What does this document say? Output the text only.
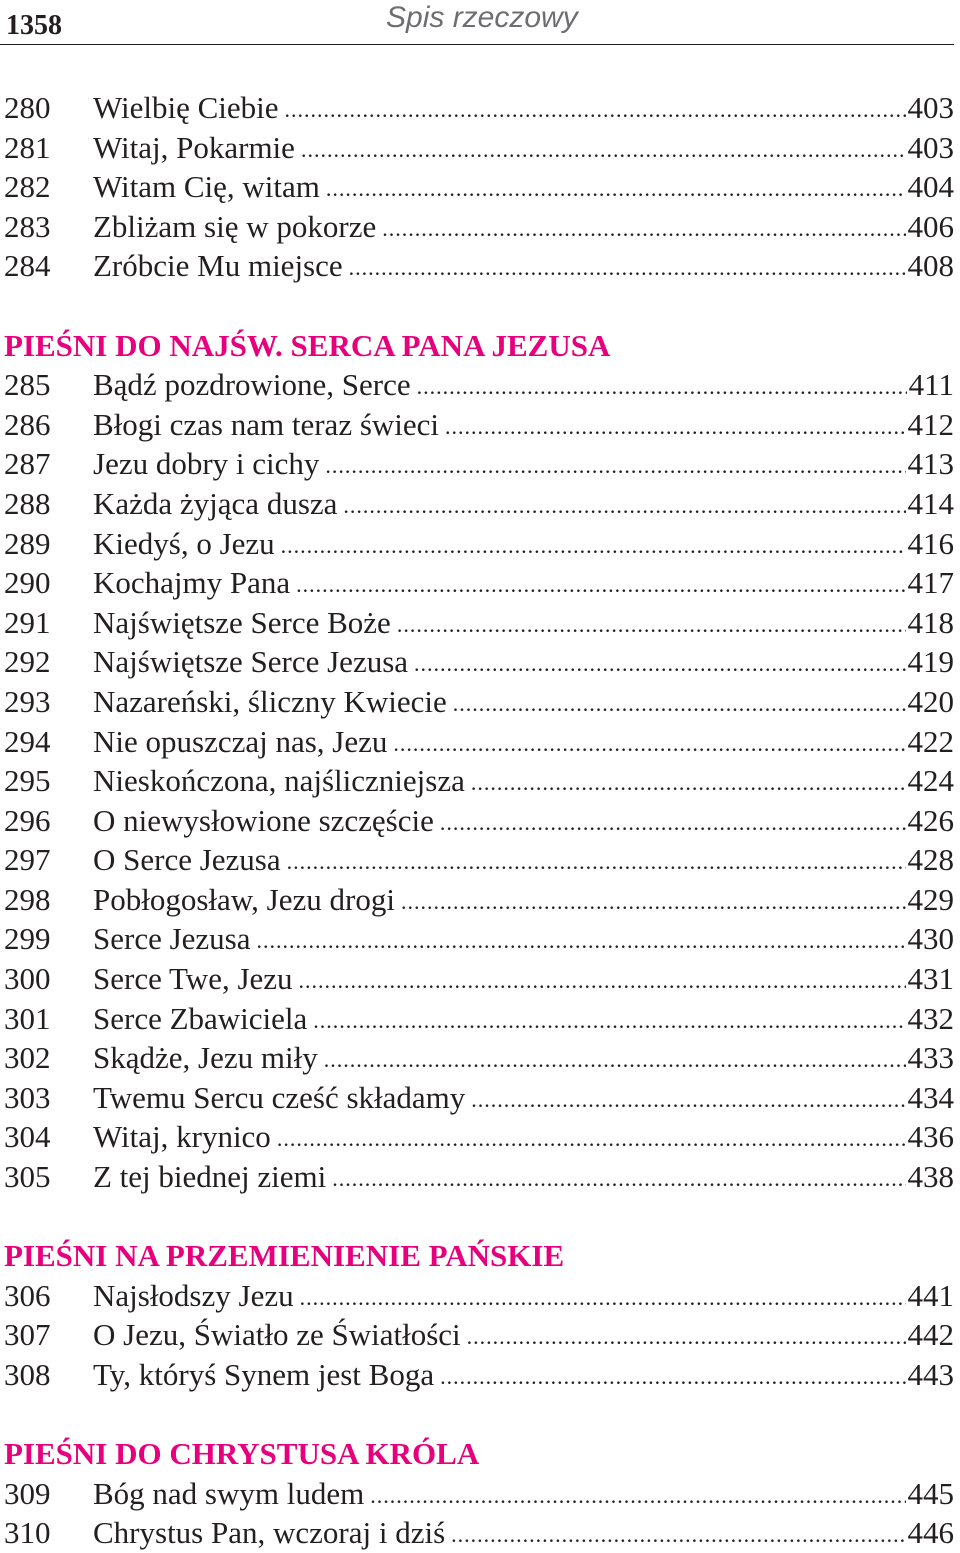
1358	Spis rzeczowy
280 Wielbię Ciebie .....	403
281 Witaj, Pokarmie .....	403
282 Witam Cię, witam .....	404
283 Zbliżam się w pokorze .....	406
284 Zróbcie Mu miejsce .....	408
PIEŚNI DO NAJŚW. SERCA PANA JEZUSA
285 Bądź pozdrowione, Serce .....	411
286 Błogi czas nam teraz świeci .....	412
287 Jezu dobry i cichy .....	413
288 Każda żyjąca dusza .....	414
289 Kiedyś, o Jezu .....	416
290 Kochajmy Pana .....	417
291 Najświętsze Serce Boże .....	418
292 Najświętsze Serce Jezusa .....	419
293 Nazareński, śliczny Kwiecie .....	420
294 Nie opuszczaj nas, Jezu .....	422
295 Nieskończona, najśliczniejsza .....	424
296 O niewysłowione szczęście .....	426
297 O Serce Jezusa .....	428
298 Pobłogosław, Jezu drogi .....	429
299 Serce Jezusa .....	430
300 Serce Twe, Jezu .....	431
301 Serce Zbawiciela .....	432
302 Skądże, Jezu miły .....	433
303 Twemu Sercu cześć składamy .....	434
304 Witaj, krynico .....	436
305 Z tej biednej ziemi .....	438
PIEŚNI NA PRZEMIENIENIE PAŃSKIE
306 Najsłodszy Jezu .....	441
307 O Jezu, Światło ze Światłości .....	442
308 Ty, któryś Synem jest Boga .....	443
PIEŚNI DO CHRYSTUSA KRÓLA
309 Bóg nad swym ludem .....	445
310 Chrystus Pan, wczoraj i dziś .....	446
